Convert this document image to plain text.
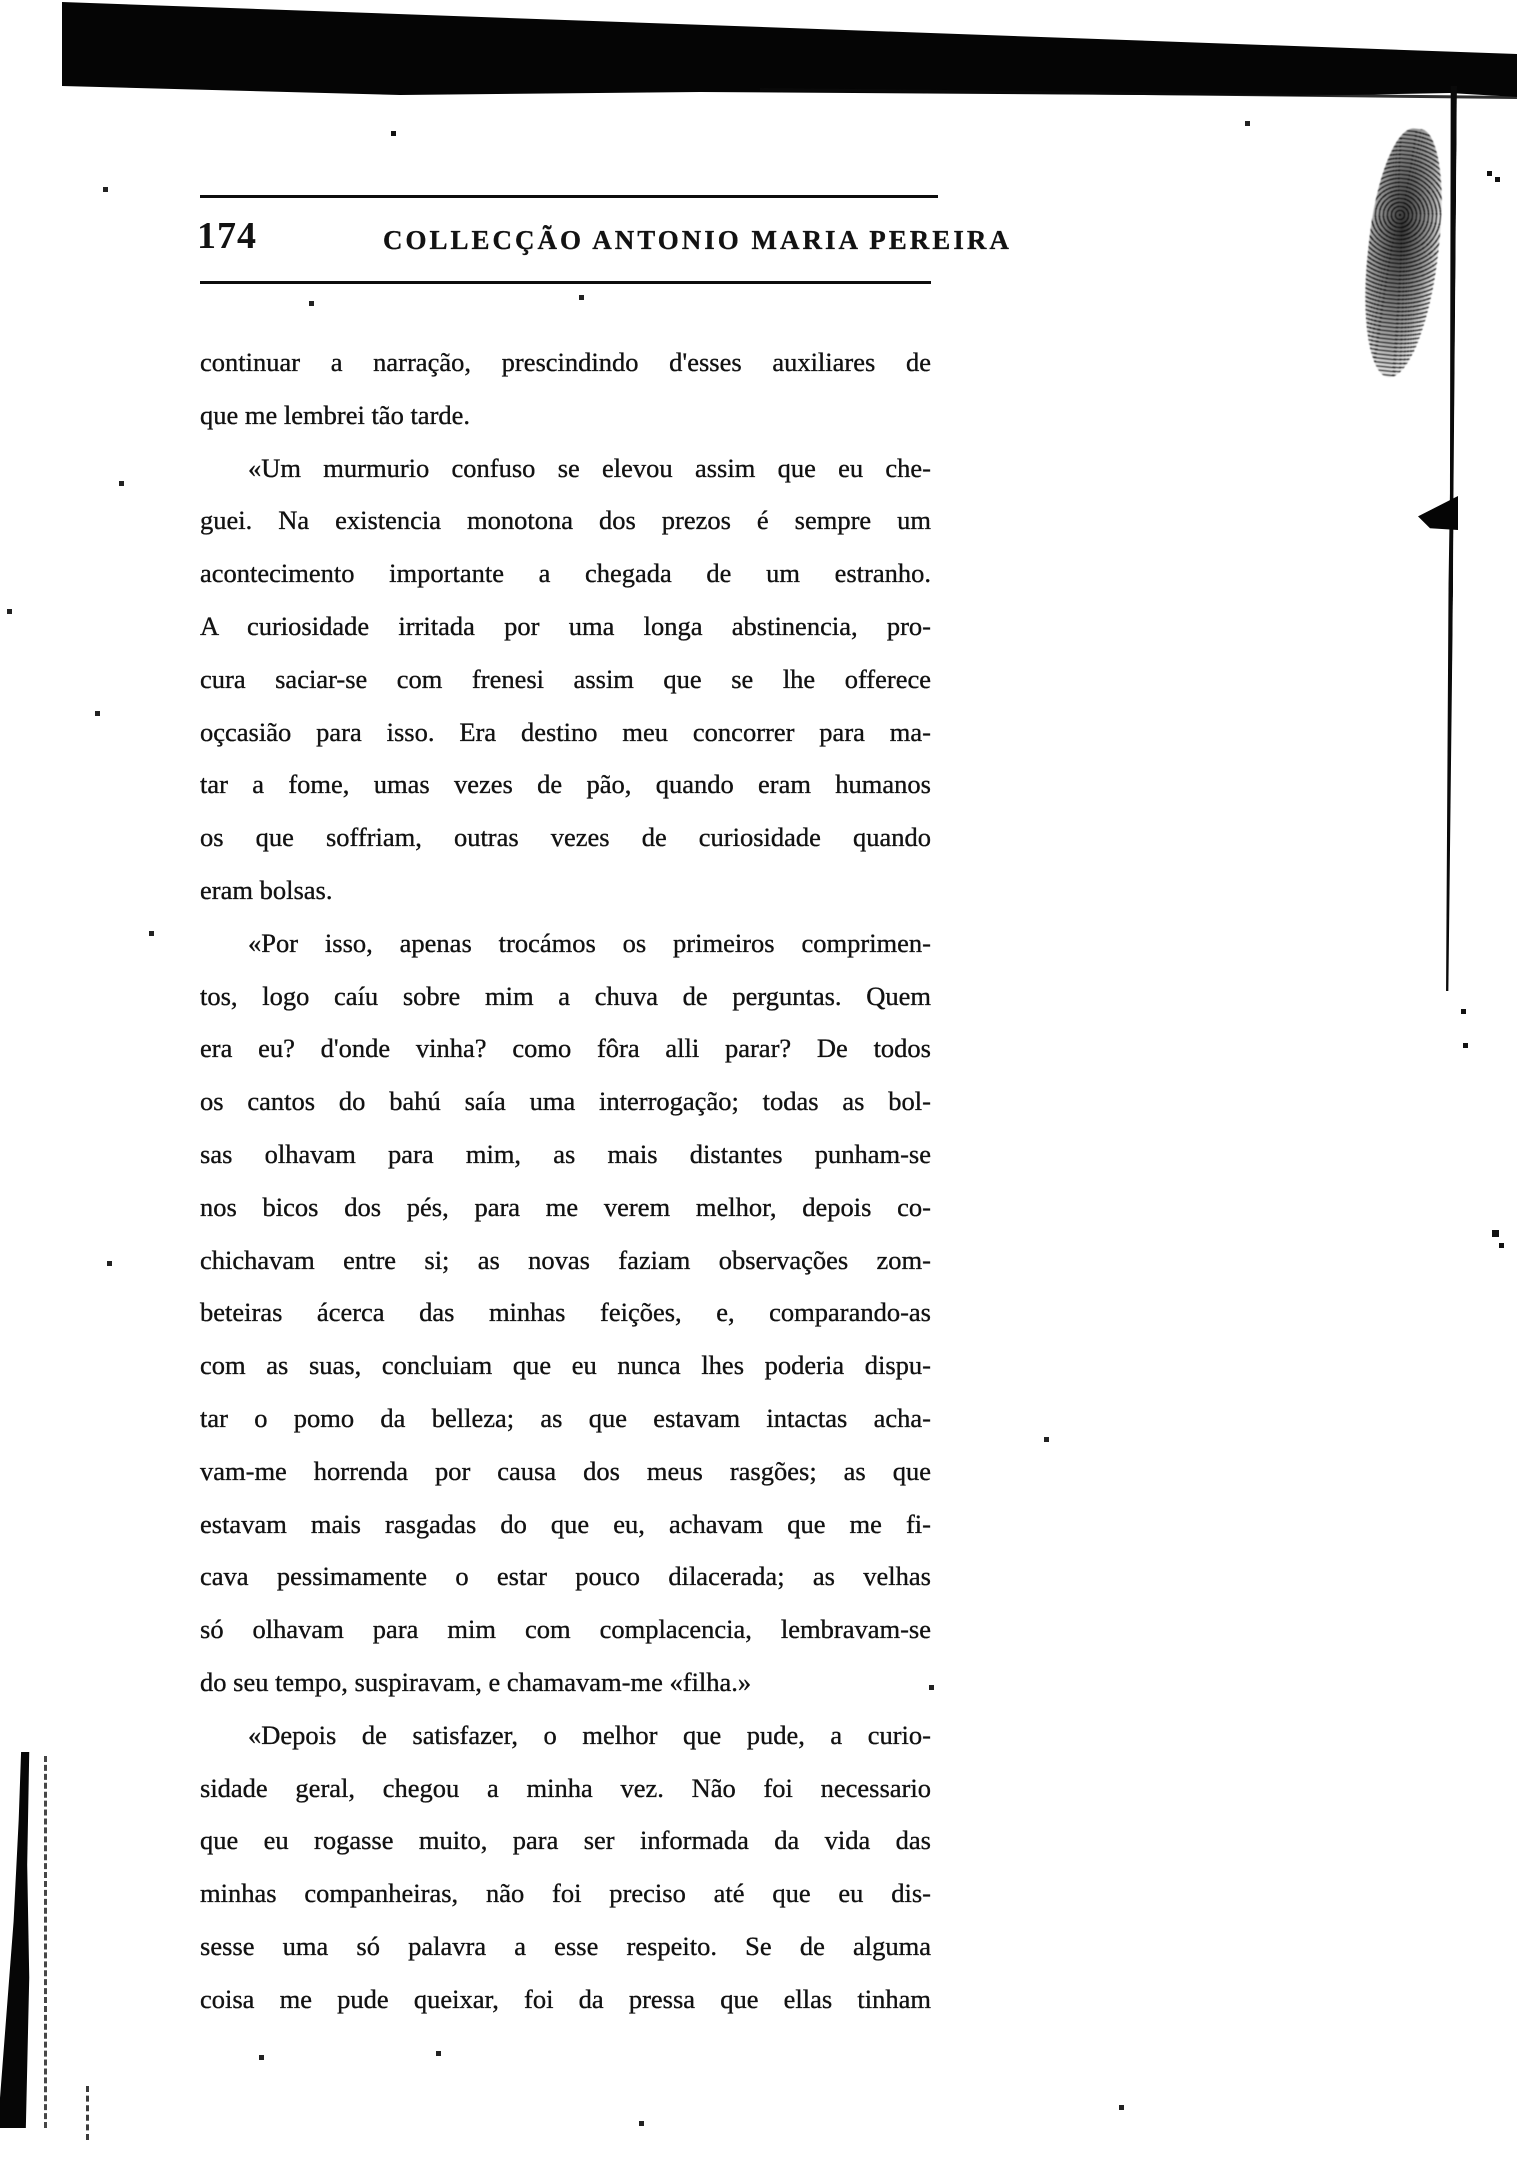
174	COLLECÇÃO ANTONIO MARIA PEREIRA
continuar a narração, prescindindo d'esses auxiliares de
que me lembrei tão tarde.
«Um murmurio confuso se elevou assim que eu che-
guei. Na existencia monotona dos prezos é sempre um
acontecimento importante a chegada de um estranho.
A curiosidade irritada por uma longa abstinencia, pro-
cura saciar-se com frenesi assim que se lhe offerece
oçcasião para isso. Era destino meu concorrer para ma-
tar a fome, umas vezes de pão, quando eram humanos
os que soffriam, outras vezes de curiosidade quando
eram bolsas.
«Por isso, apenas trocámos os primeiros comprimen-
tos, logo caíu sobre mim a chuva de perguntas. Quem
era eu? d'onde vinha? como fôra alli parar? De todos
os cantos do bahú saía uma interrogação; todas as bol-
sas olhavam para mim, as mais distantes punham-se
nos bicos dos pés, para me verem melhor, depois co-
chichavam entre si; as novas faziam observações zom-
beteiras ácerca das minhas feições, e, comparando-as
com as suas, concluiam que eu nunca lhes poderia dispu-
tar o pomo da belleza; as que estavam intactas acha-
vam-me horrenda por causa dos meus rasgões; as que
estavam mais rasgadas do que eu, achavam que me fi-
cava pessimamente o estar pouco dilacerada; as velhas
só olhavam para mim com complacencia, lembravam-se
do seu tempo, suspiravam, e chamavam-me «filha.»
«Depois de satisfazer, o melhor que pude, a curio-
sidade geral, chegou a minha vez. Não foi necessario
que eu rogasse muito, para ser informada da vida das
minhas companheiras, não foi preciso até que eu dis-
sesse uma só palavra a esse respeito. Se de alguma
coisa me pude queixar, foi da pressa que ellas tinham
